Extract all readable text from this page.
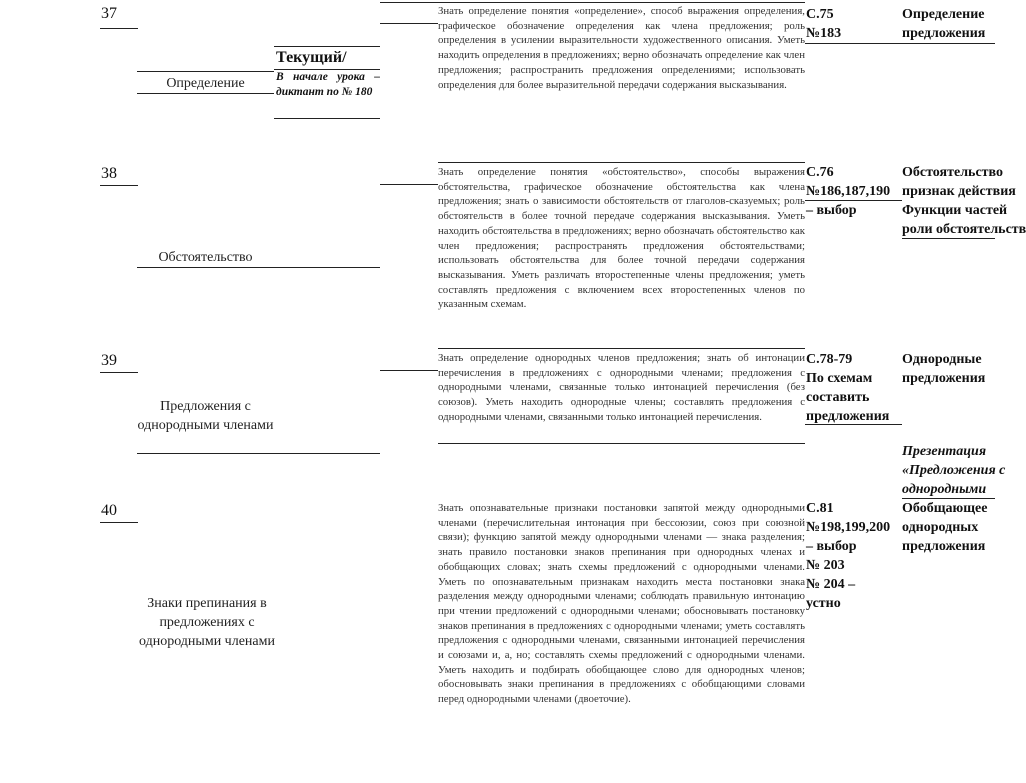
37
Определение
Текущий/
В начале урока – диктант по № 180
Знать определение понятия «определение», способ выражения определения, графическое обозначение определения как члена предложения; роль определения в усилении выразительности художественного описания. Уметь находить определения в предложениях; верно обозначать определение как член предложения; распространить предложения определениями; использовать определения для более выразительной передачи содержания высказывания.
С.75
№183
Определение
предложения
38
Обстоятельство
Знать определение понятия «обстоятельство», способы выражения обстоятельства, графическое обозначение обстоятельства как члена предложения; знать о зависимости обстоятельств от глаголов-сказуемых; роль обстоятельств в более точной передаче содержания высказывания. Уметь находить обстоятельства в предложениях; верно обозначать обстоятельство как член предложения; распространять предложения обстоятельствами; использовать обстоятельства для более точной передачи содержания высказывания. Уметь различать второстепенные члены предложения; уметь составлять предложения с включением всех второстепенных членов по указанным схемам.
С.76
№186,187,190
– выбор
Обстоятельство
признак действия
Функции частей
роли обстоятельств
39
Предложения с однородными членами
Знать определение однородных членов предложения; знать об интонации перечисления в предложениях с однородными членами; предложения с однородными членами, связанные только интонацией перечисления (без союзов). Уметь находить однородные члены; составлять предложения с однородными членами, связанными только интонацией перечисления.
С.78-79
По схемам
составить
предложения
Однородные
предложения
Презентация
«Предложения с
однородными
40
Знаки препинания в предложениях с однородными членами
Знать опознавательные признаки постановки запятой между однородными членами (перечислительная интонация при бессоюзии, союз при союзной связи); функцию запятой между однородными членами — знака разделения; знать правило постановки знаков препинания при однородных членах и обобщающих словах; знать схемы предложений с однородными членами. Уметь по опознавательным признакам находить места постановки знака разделения между однородными членами; соблюдать правильную интонацию при чтении предложений с однородными членами; обосновывать постановку знаков препинания в предложениях с однородными членами; уметь составлять предложения с однородными членами, связанными интонацией перечисления и союзами и, а, но; составлять схемы предложений с однородными членами. Уметь находить и подбирать обобщающее слово для однородных членов; обосновывать знаки препинания в предложениях с обобщающими словами перед однородными членами (двоеточие).
С.81
№198,199,200
– выбор
№ 203
№ 204 –
устно
Обобщающее
однородных
предложения
